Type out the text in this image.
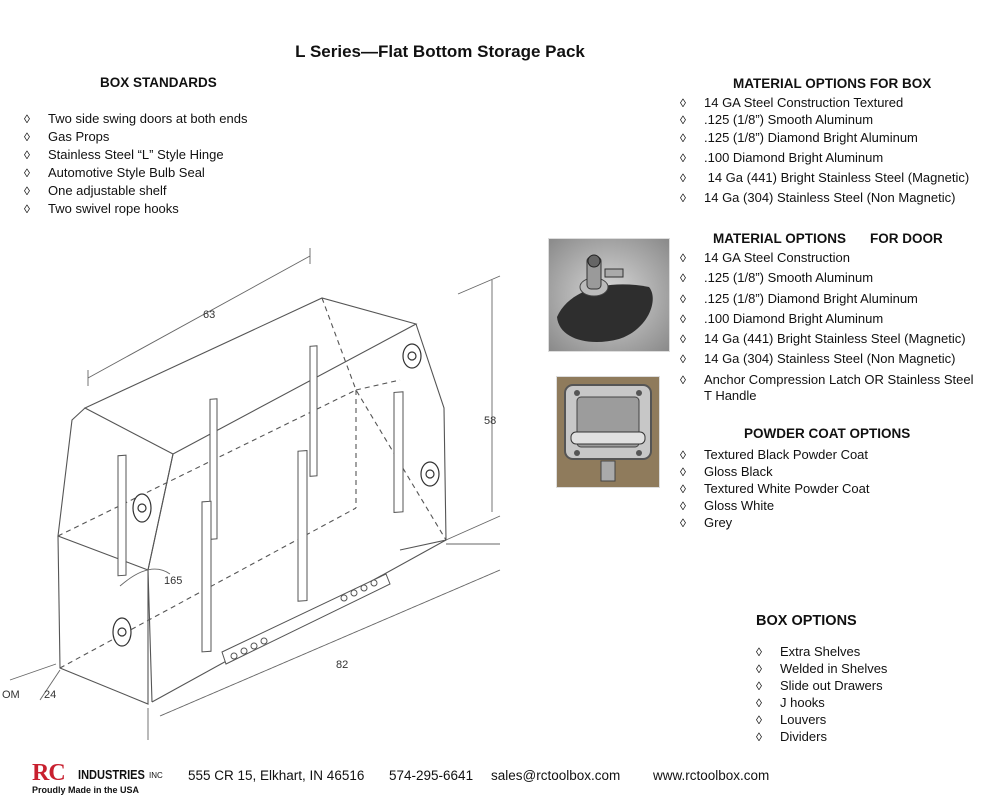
L Series—Flat Bottom Storage Pack
BOX STANDARDS
◊	Two side swing doors at both ends
◊	Gas Props
◊	Stainless Steel “L” Style Hinge
◊	Automotive Style Bulb Seal
◊	One adjustable shelf
◊	Two swivel rope hooks
MATERIAL OPTIONS FOR BOX
◊ 14 GA Steel Construction Textured
◊ .125 (1/8”) Smooth Aluminum
◊ .125 (1/8”) Diamond Bright Aluminum
◊ .100 Diamond Bright Aluminum
◊ 14 Ga (441) Bright Stainless Steel (Magnetic)
◊ 14 Ga (304) Stainless Steel (Non Magnetic)
MATERIAL OPTIONS FOR DOOR
◊ 14 GA Steel Construction
◊ .125 (1/8”) Smooth Aluminum
◊ .125 (1/8”) Diamond Bright Aluminum
◊ .100 Diamond Bright Aluminum
◊ 14 Ga (441) Bright Stainless Steel (Magnetic)
◊ 14 Ga (304) Stainless Steel (Non Magnetic)
◊ Anchor Compression Latch OR Stainless Steel
T Handle
POWDER COAT OPTIONS
◊ Textured Black Powder Coat
◊ Gloss Black
◊ Textured White Powder Coat
◊ Gloss White
◊ Grey
BOX OPTIONS
◊ Extra Shelves
◊ Welded in Shelves
◊ Slide out Drawers
◊ J hooks
◊ Louvers
◊ Dividers
63
58
82
24
165
OM
RC INDUSTRIES INC
Proudly Made in the USA
555 CR 15, Elkhart, IN 46516 574-295-6641 sales@rctoolbox.com www.rctoolbox.com
